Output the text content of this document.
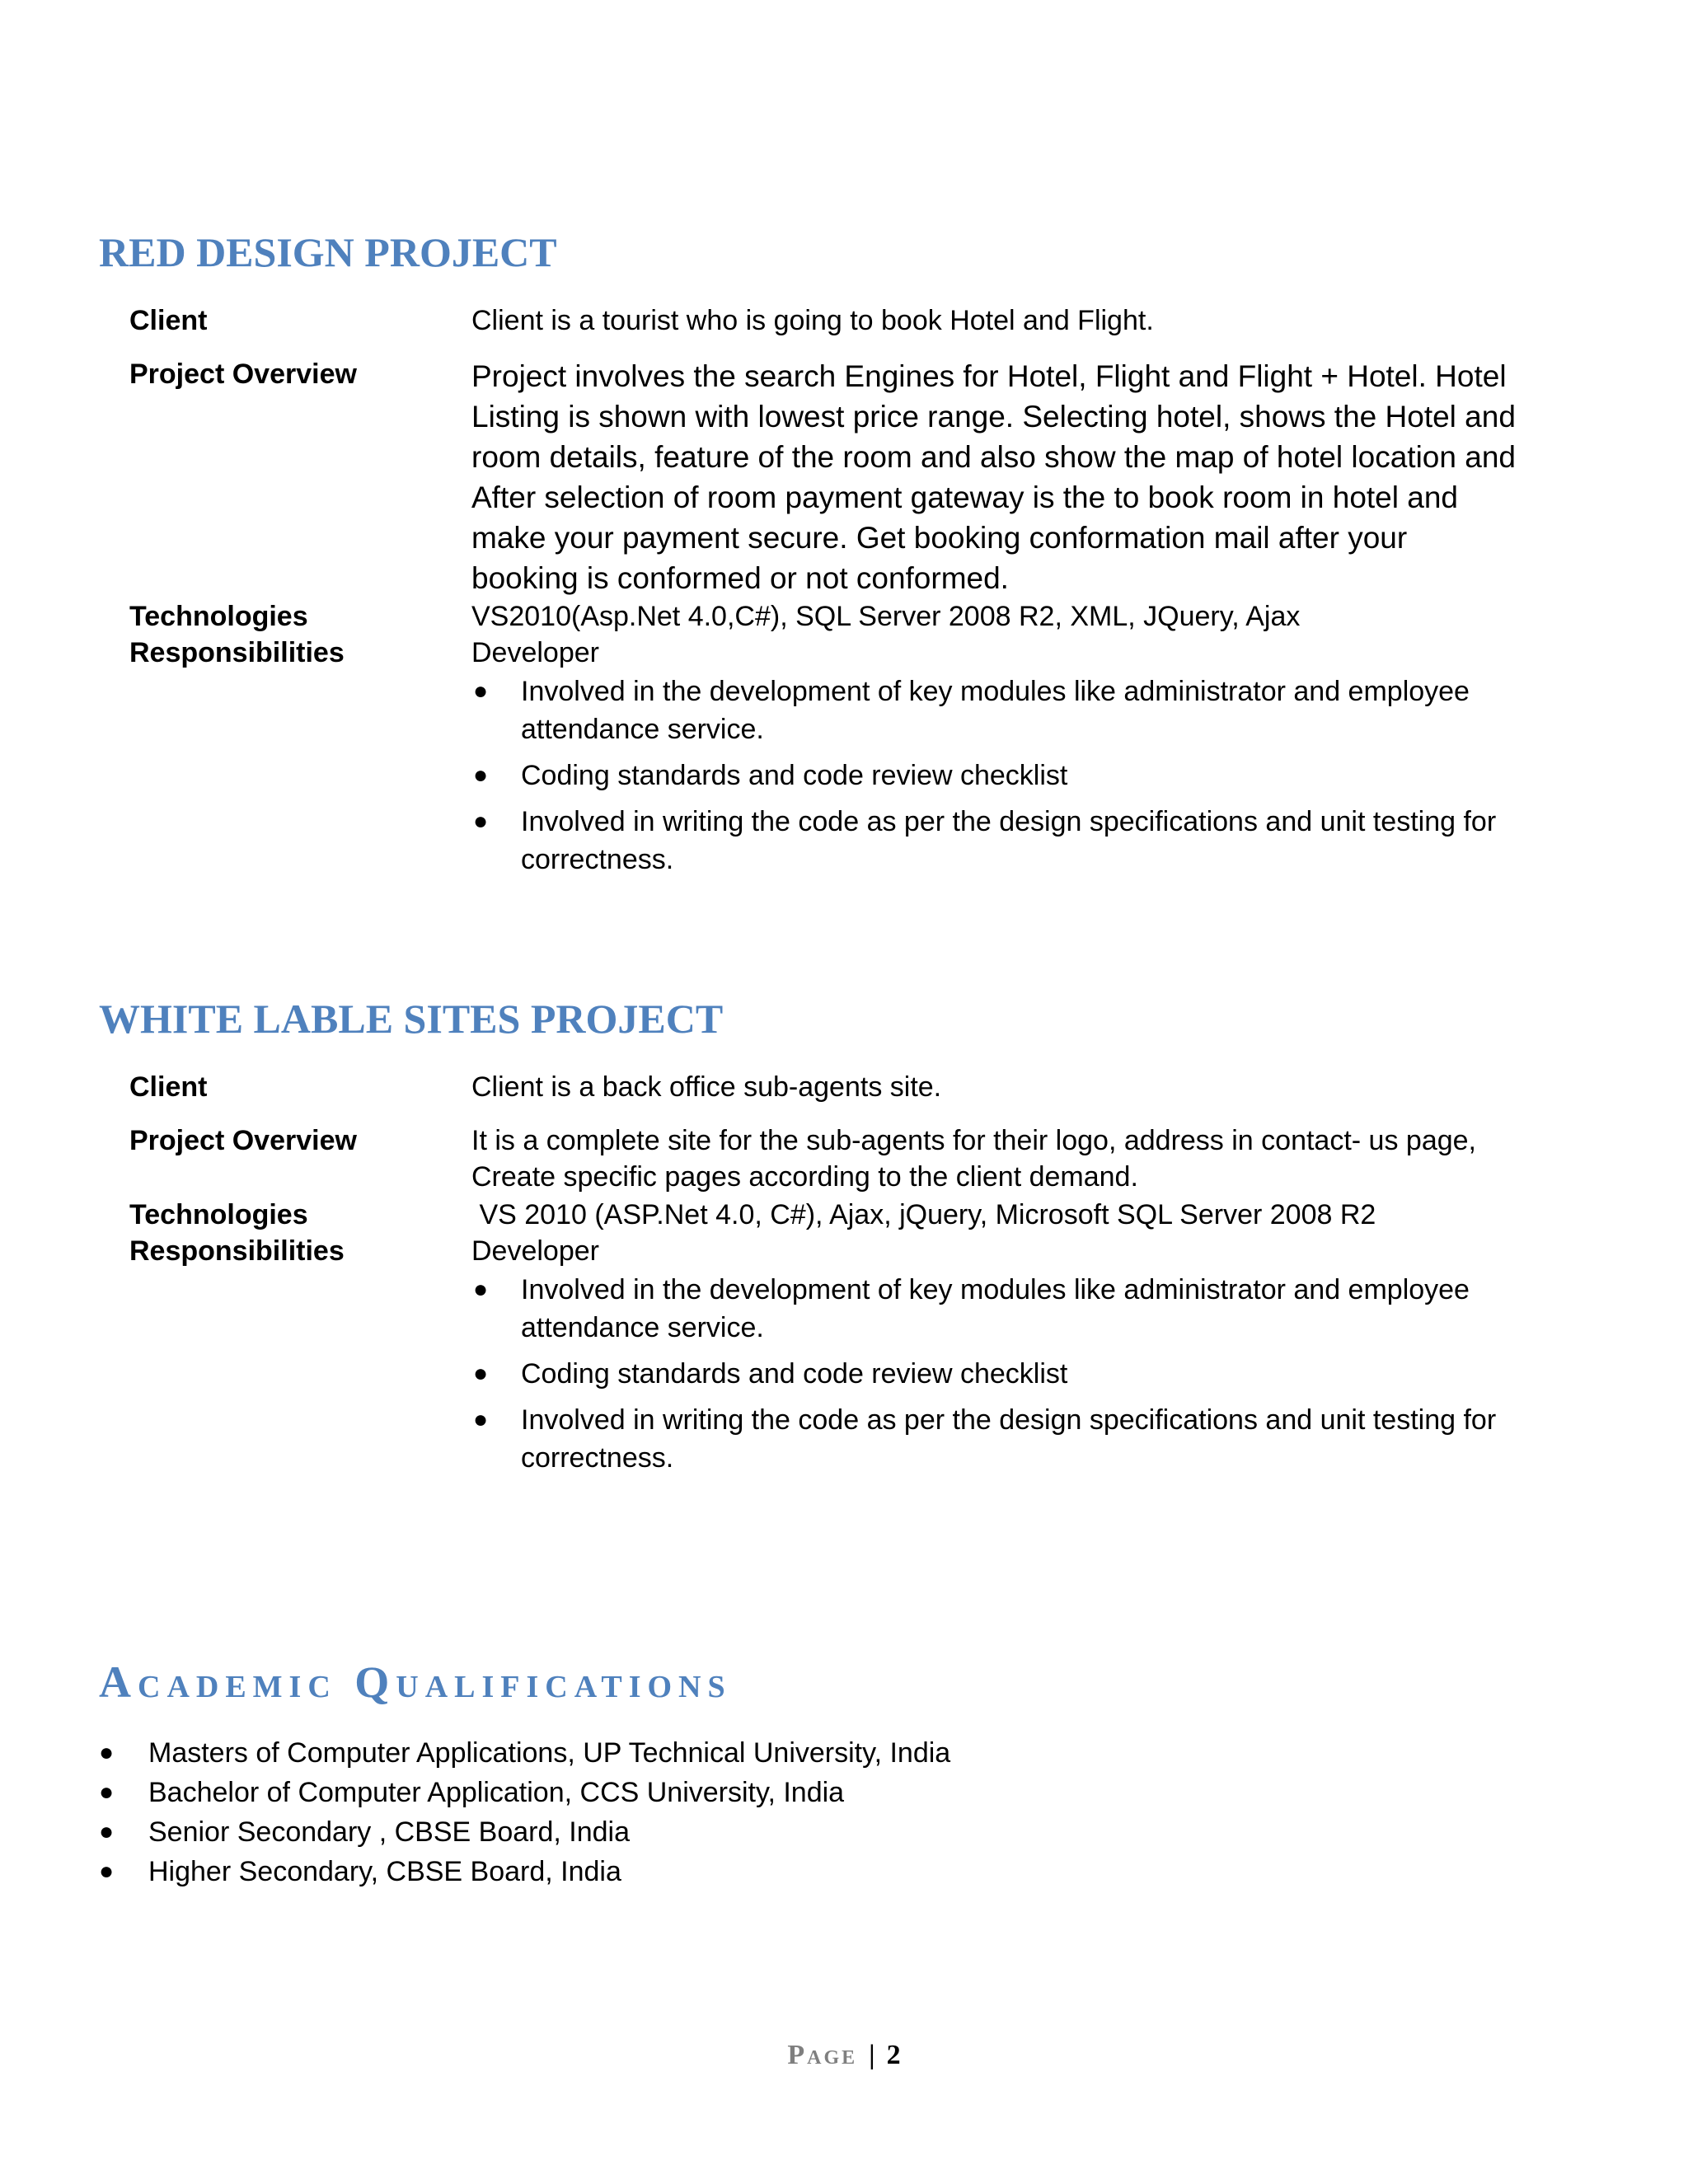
RED DESIGN PROJECT
Client	Client is a tourist who is going to book Hotel and Flight.
Project Overview	Project involves the search Engines for Hotel, Flight and Flight + Hotel. Hotel Listing is shown with lowest price range. Selecting hotel, shows the Hotel and room details, feature of the room and also show the map of hotel location and After selection of room payment gateway is the to book room in hotel and make your payment secure. Get booking conformation mail after your booking is conformed or not conformed.
Technologies	VS2010(Asp.Net 4.0,C#), SQL Server 2008 R2, XML, JQuery, Ajax
Responsibilities	Developer
● Involved in the development of key modules like administrator and employee attendance service.
● Coding standards and code review checklist
● Involved in writing the code as per the design specifications and unit testing for correctness.
WHITE LABLE SITES PROJECT
Client	Client is a back office sub-agents site.
Project Overview	It is a complete site for the sub-agents for their logo, address in contact- us page, Create specific pages according to the client demand.
Technologies	VS 2010 (ASP.Net 4.0, C#), Ajax, jQuery, Microsoft SQL Server 2008 R2
Responsibilities	Developer
● Involved in the development of key modules like administrator and employee attendance service.
● Coding standards and code review checklist
● Involved in writing the code as per the design specifications and unit testing for correctness.
Academic Qualifications
● Masters of Computer Applications, UP Technical University, India
● Bachelor of Computer Application, CCS University, India
● Senior Secondary , CBSE Board, India
● Higher Secondary, CBSE Board, India
Page | 2
